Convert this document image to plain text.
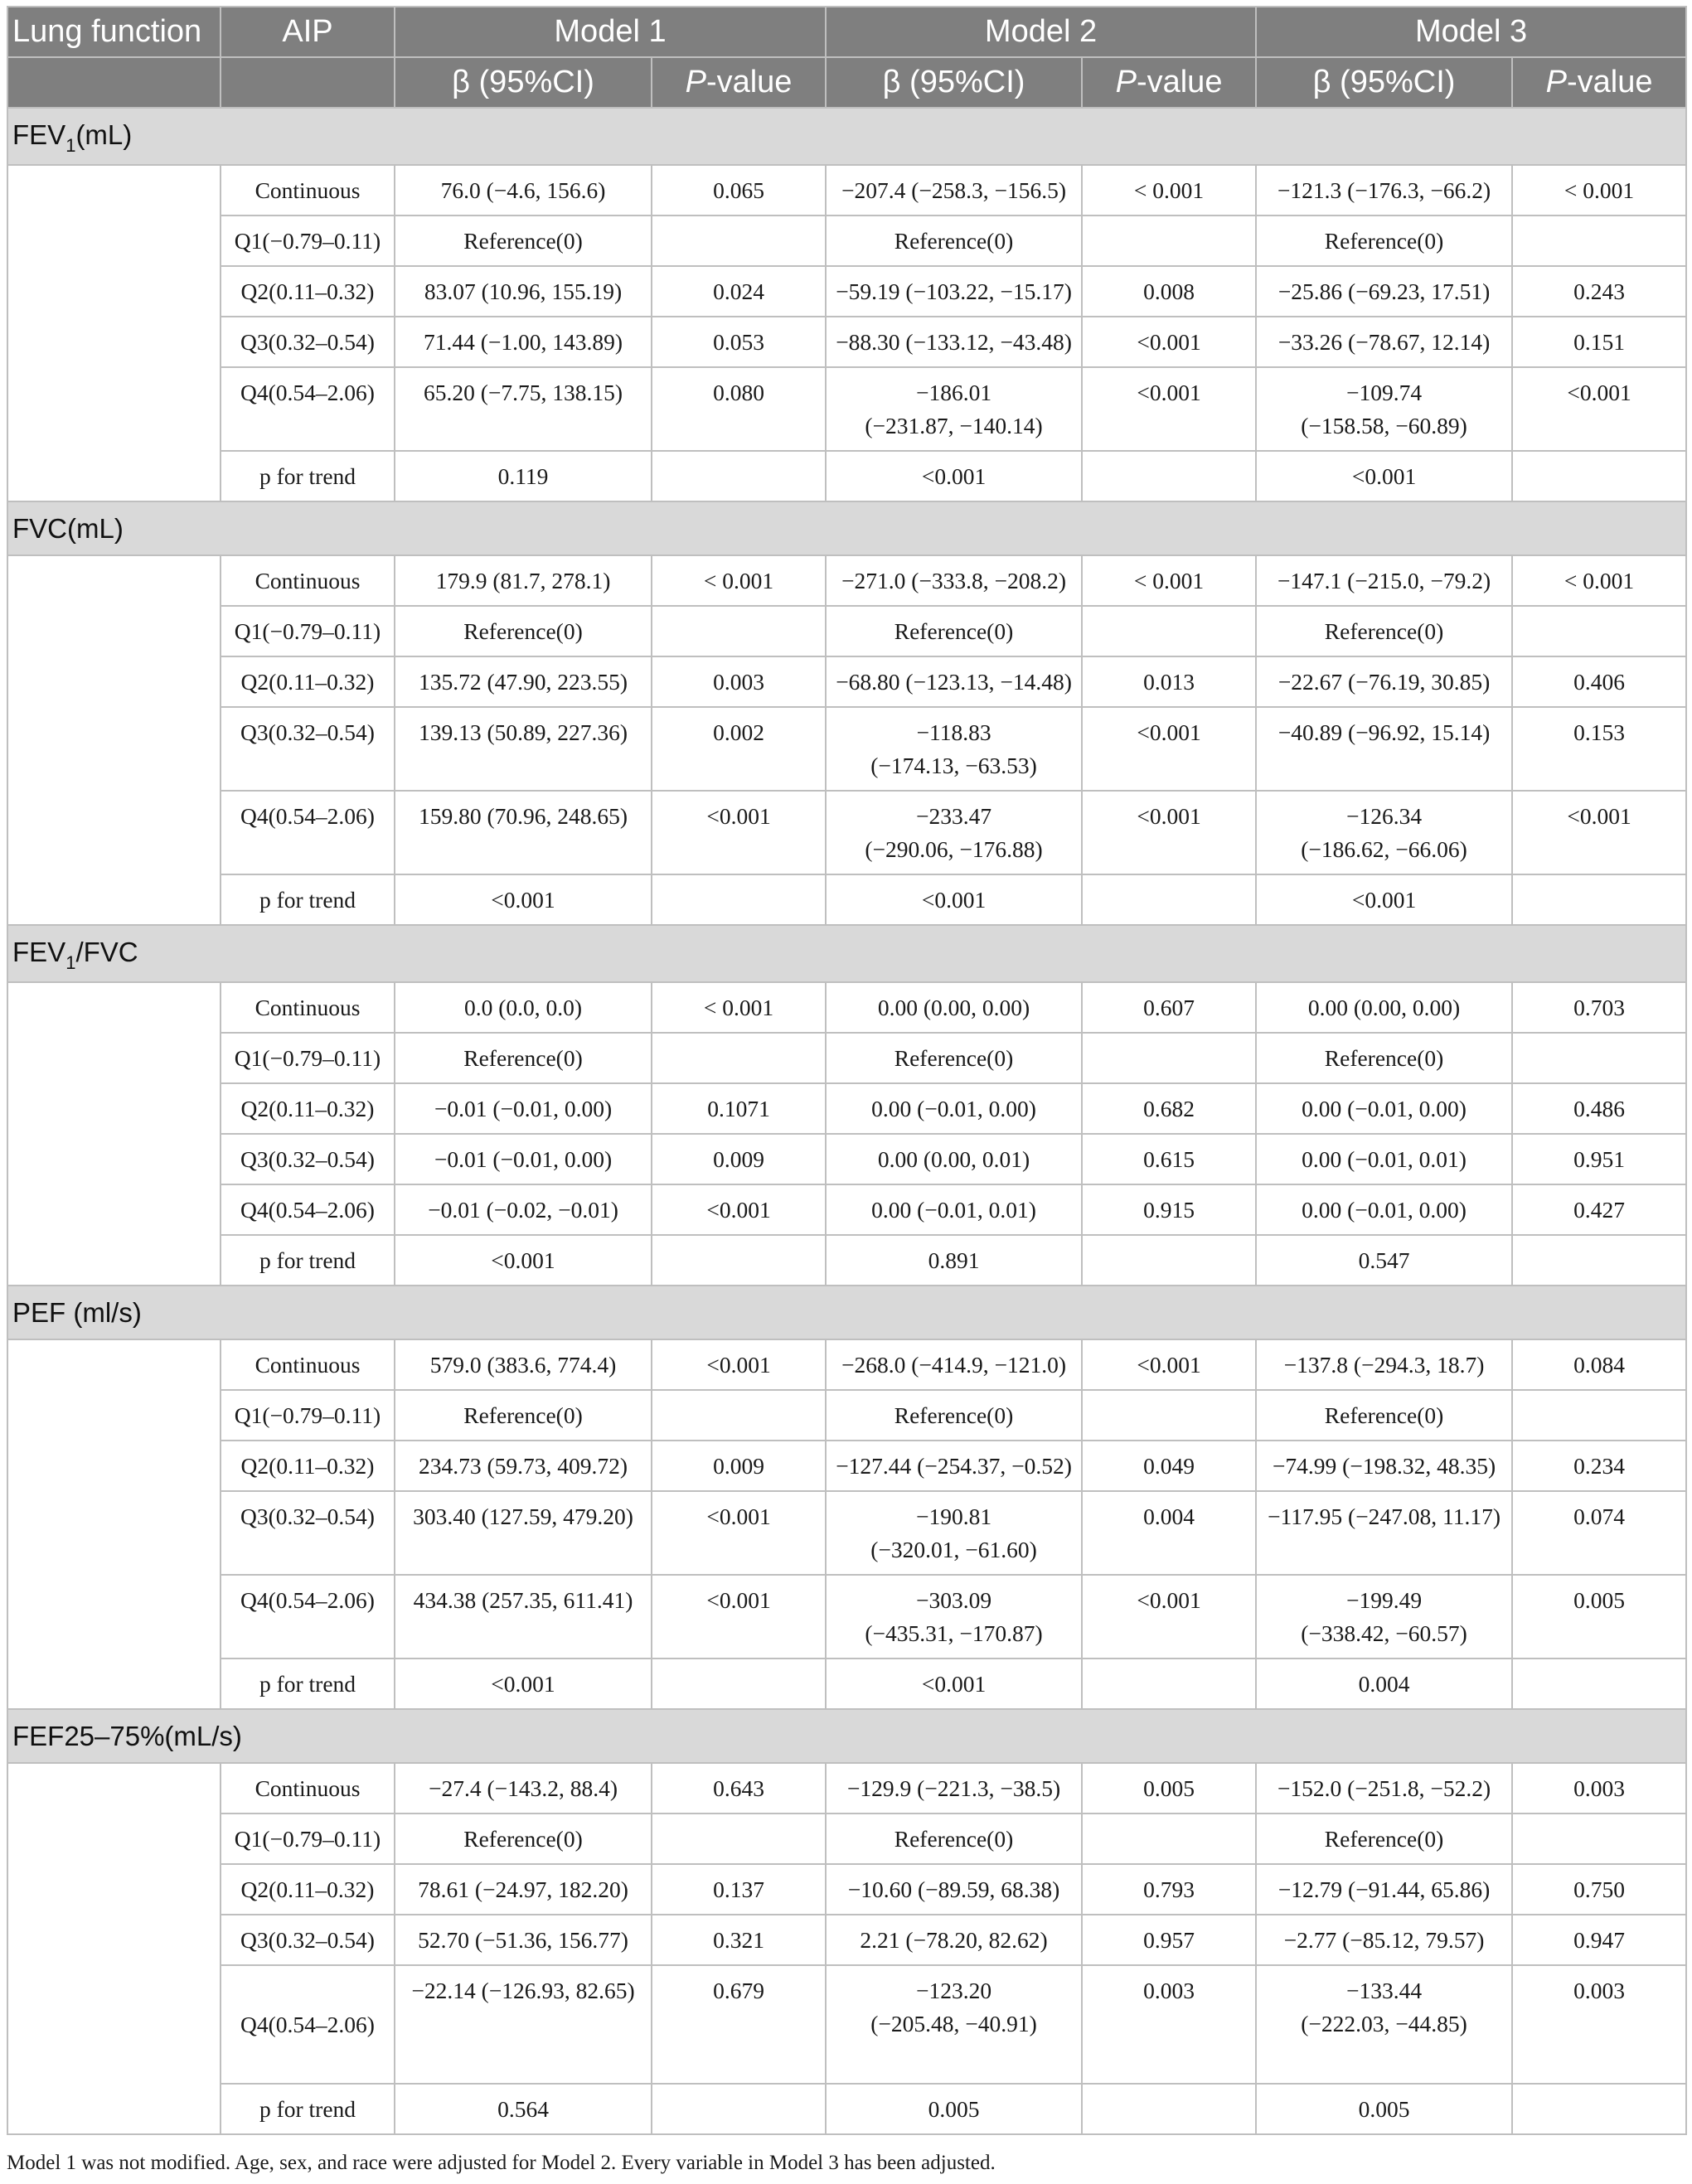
Lung function	AIP	Model 1		Model 2		Model 3	
		β (95%CI)	P-value	β (95%CI)	P-value	β (95%CI)	P-value
$FEV_1(mL)$							
	Continuous	76.0 (−4.6, 156.6)	0.065	−207.4 (−258.3, −156.5)	< 0.001	−121.3 (−176.3, −66.2)	< 0.001
	Q1(−0.79–0.11)	Reference(0)		Reference(0)		Reference(0)	
	Q2(0.11–0.32)	83.07 (10.96, 155.19)	0.024	−59.19 (−103.22, −15.17)	0.008	−25.86 (−69.23, 17.51)	0.243
	Q3(0.32–0.54)	71.44 (−1.00, 143.89)	0.053	−88.30 (−133.12, −43.48)	<0.001	−33.26 (−78.67, 12.14)	0.151
	Q4(0.54–2.06)	65.20 (−7.75, 138.15)	0.080	−186.01
(−231.87, −140.14)	<0.001	−109.74
(−158.58, −60.89)	<0.001
	p for trend	0.119		<0.001		<0.001	
FVC(mL)							
	Continuous	179.9 (81.7, 278.1)	< 0.001	−271.0 (−333.8, −208.2)	< 0.001	−147.1 (−215.0, −79.2)	< 0.001
	Q1(−0.79–0.11)	Reference(0)		Reference(0)		Reference(0)	
	Q2(0.11–0.32)	135.72 (47.90, 223.55)	0.003	−68.80 (−123.13, −14.48)	0.013	−22.67 (−76.19, 30.85)	0.406
	Q3(0.32–0.54)	139.13 (50.89, 227.36)	0.002	−118.83
(−174.13, −63.53)	<0.001	−40.89 (−96.92, 15.14)	0.153
	Q4(0.54–2.06)	159.80 (70.96, 248.65)	<0.001	−233.47
(−290.06, −176.88)	<0.001	−126.34
(−186.62, −66.06)	<0.001
	p for trend	<0.001		<0.001		<0.001	
$FEV_1$/FVC							
	Continuous	0.0 (0.0, 0.0)	< 0.001	0.00 (0.00, 0.00)	0.607	0.00 (0.00, 0.00)	0.703
	Q1(−0.79–0.11)	Reference(0)		Reference(0)		Reference(0)	
	Q2(0.11–0.32)	−0.01 (−0.01, 0.00)	0.1071	0.00 (−0.01, 0.00)	0.682	0.00 (−0.01, 0.00)	0.486
	Q3(0.32–0.54)	−0.01 (−0.01, 0.00)	0.009	0.00 (0.00, 0.01)	0.615	0.00 (−0.01, 0.01)	0.951
	Q4(0.54–2.06)	−0.01 (−0.02, −0.01)	<0.001	0.00 (−0.01, 0.01)	0.915	0.00 (−0.01, 0.00)	0.427
	p for trend	<0.001		0.891		0.547	
PEF (ml/s)							
	Continuous	579.0 (383.6, 774.4)	<0.001	−268.0 (−414.9, −121.0)	<0.001	−137.8 (−294.3, 18.7)	0.084
	Q1(−0.79–0.11)	Reference(0)		Reference(0)		Reference(0)	
	Q2(0.11–0.32)	234.73 (59.73, 409.72)	0.009	−127.44 (−254.37, −0.52)	0.049	−74.99 (−198.32, 48.35)	0.234
	Q3(0.32–0.54)	303.40 (127.59, 479.20)	<0.001	−190.81
(−320.01, −61.60)	0.004	−117.95 (−247.08, 11.17)	0.074
	Q4(0.54–2.06)	434.38 (257.35, 611.41)	<0.001	−303.09
(−435.31, −170.87)	<0.001	−199.49
(−338.42, −60.57)	0.005
	p for trend	<0.001		<0.001		0.004	
FEF25–75%(mL/s)							
	Continuous	−27.4 (−143.2, 88.4)	0.643	−129.9 (−221.3, −38.5)	0.005	−152.0 (−251.8, −52.2)	0.003
	Q1(−0.79–0.11)	Reference(0)		Reference(0)		Reference(0)	
	Q2(0.11–0.32)	78.61 (−24.97, 182.20)	0.137	−10.60 (−89.59, 68.38)	0.793	−12.79 (−91.44, 65.86)	0.750
	Q3(0.32–0.54)	52.70 (−51.36, 156.77)	0.321	2.21 (−78.20, 82.62)	0.957	−2.77 (−85.12, 79.57)	0.947
	Q4(0.54–2.06)	−22.14 (−126.93, 82.65)	0.679	−123.20
(−205.48, −40.91)	0.003	−133.44
(−222.03, −44.85)	0.003
	p for trend	0.564		0.005		0.005	

Model 1 was not modified. Age, sex, and race were adjusted for Model 2. Every variable in Model 3 has been adjusted.
